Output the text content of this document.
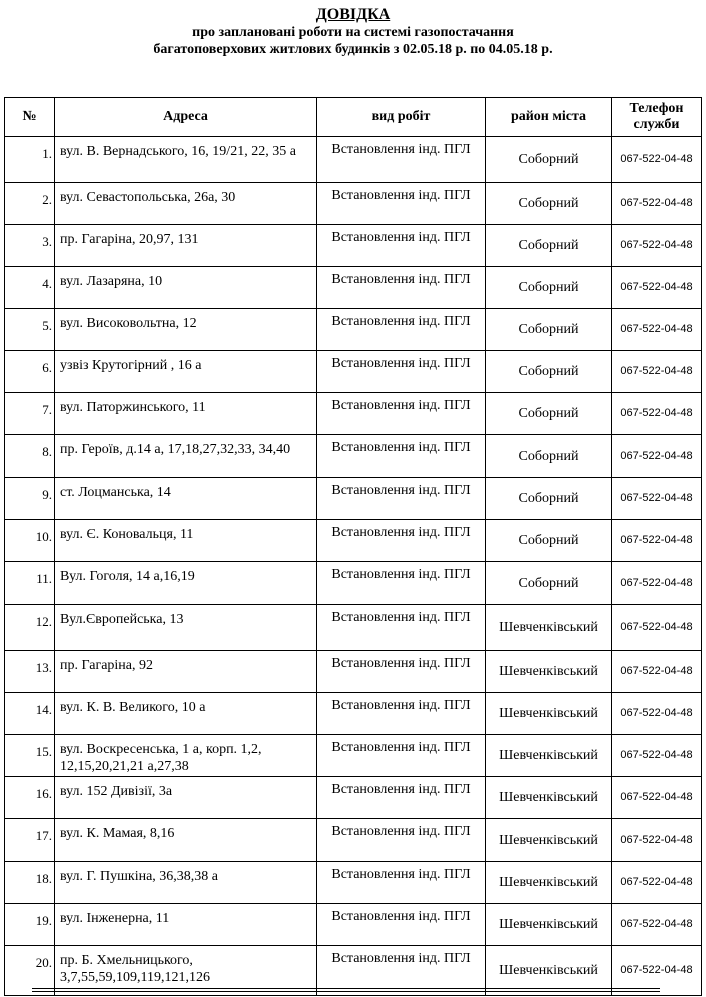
ДОВІДКА
про заплановані роботи на системі газопостачання
багатоповерхових житлових будинків з 02.05.18 р. по 04.05.18 р.
№	Адреса	вид робіт	район міста	Телефон служби
1.	вул. В. Вернадського, 16, 19/21, 22, 35 а	Встановлення інд. ПГЛ	Соборний	067-522-04-48
2.	вул. Севастопольська, 26а, 30	Встановлення інд. ПГЛ	Соборний	067-522-04-48
3.	пр. Гагаріна, 20,97, 131	Встановлення інд. ПГЛ	Соборний	067-522-04-48
4.	вул. Лазаряна, 10	Встановлення інд. ПГЛ	Соборний	067-522-04-48
5.	вул. Високовольтна, 12	Встановлення інд. ПГЛ	Соборний	067-522-04-48
6.	узвіз Крутогірний , 16 а	Встановлення інд. ПГЛ	Соборний	067-522-04-48
7.	вул. Паторжинського, 11	Встановлення інд. ПГЛ	Соборний	067-522-04-48
8.	пр. Героїв, д.14 а, 17,18,27,32,33, 34,40	Встановлення інд. ПГЛ	Соборний	067-522-04-48
9.	ст. Лоцманська, 14	Встановлення інд. ПГЛ	Соборний	067-522-04-48
10.	вул. Є. Коновальця, 11	Встановлення інд. ПГЛ	Соборний	067-522-04-48
11.	Вул. Гоголя, 14 а,16,19	Встановлення інд. ПГЛ	Соборний	067-522-04-48
12.	Вул.Європейська, 13	Встановлення інд. ПГЛ	Шевченківський	067-522-04-48
13.	пр. Гагаріна, 92	Встановлення інд. ПГЛ	Шевченківський	067-522-04-48
14.	вул. К. В. Великого, 10 а	Встановлення інд. ПГЛ	Шевченківський	067-522-04-48
15.	вул. Воскресенська, 1 а, корп. 1,2, 12,15,20,21,21 а,27,38	Встановлення інд. ПГЛ	Шевченківський	067-522-04-48
16.	вул. 152 Дивізії, 3а	Встановлення інд. ПГЛ	Шевченківський	067-522-04-48
17.	вул. К. Мамая, 8,16	Встановлення інд. ПГЛ	Шевченківський	067-522-04-48
18.	вул. Г. Пушкіна, 36,38,38 а	Встановлення інд. ПГЛ	Шевченківський	067-522-04-48
19.	вул. Інженерна, 11	Встановлення інд. ПГЛ	Шевченківський	067-522-04-48
20.	пр. Б. Хмельницького, 3,7,55,59,109,119,121,126	Встановлення інд. ПГЛ	Шевченківський	067-522-04-48
